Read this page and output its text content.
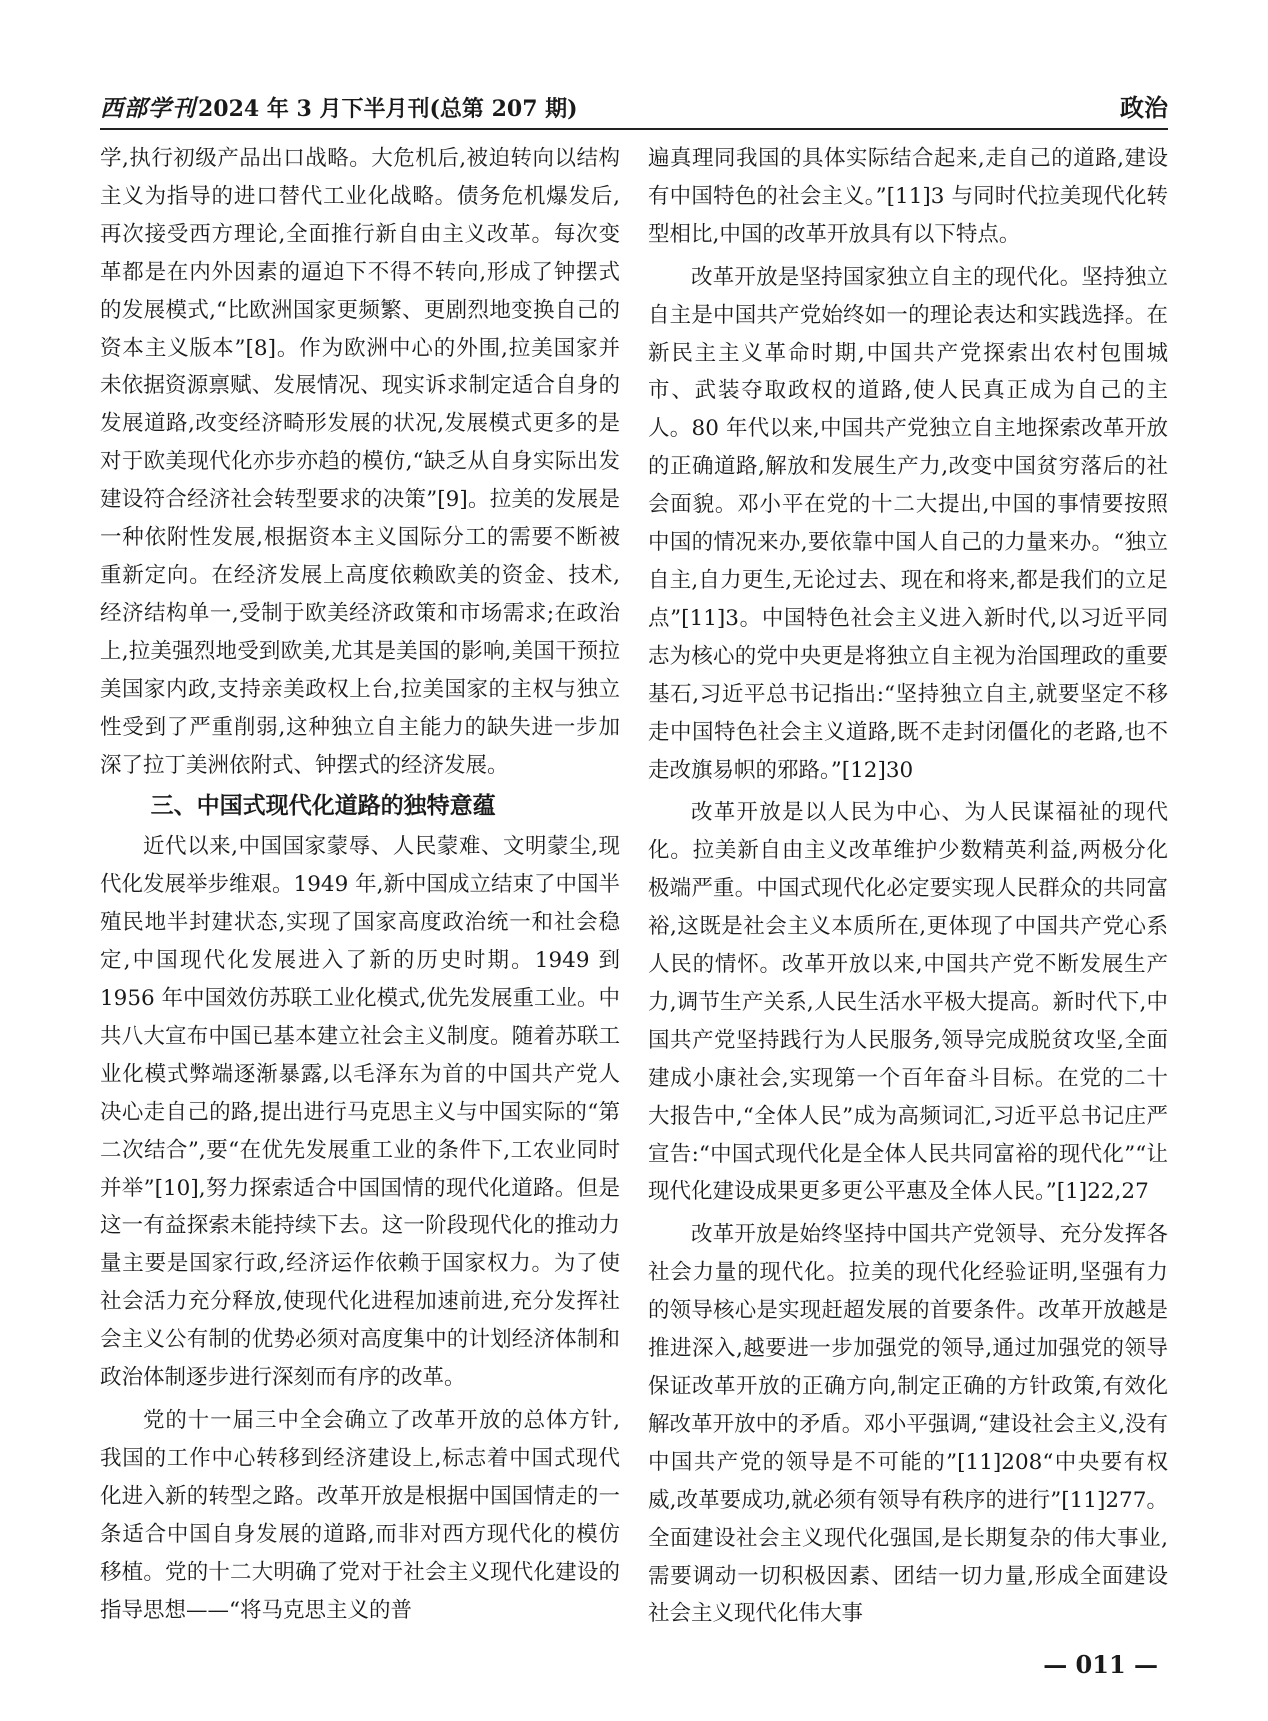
西部学刊2024 年 3 月下半月刊(总第 207 期)	政治

学,执行初级产品出口战略。大危机后,被迫转向以结构主义为指导的进口替代工业化战略。债务危机爆发后,再次接受西方理论,全面推行新自由主义改革。每次变革都是在内外因素的逼迫下不得不转向,形成了钟摆式的发展模式,“比欧洲国家更频繁、更剧烈地变换自己的资本主义版本”[8]。作为欧洲中心的外围,拉美国家并未依据资源禀赋、发展情况、现实诉求制定适合自身的发展道路,改变经济畸形发展的状况,发展模式更多的是对于欧美现代化亦步亦趋的模仿,“缺乏从自身实际出发建设符合经济社会转型要求的决策”[9]。拉美的发展是一种依附性发展,根据资本主义国际分工的需要不断被重新定向。在经济发展上高度依赖欧美的资金、技术,经济结构单一,受制于欧美经济政策和市场需求;在政治上,拉美强烈地受到欧美,尤其是美国的影响,美国干预拉美国家内政,支持亲美政权上台,拉美国家的主权与独立性受到了严重削弱,这种独立自主能力的缺失进一步加深了拉丁美洲依附式、钟摆式的经济发展。

三、中国式现代化道路的独特意蕴

近代以来,中国国家蒙辱、人民蒙难、文明蒙尘,现代化发展举步维艰。1949 年,新中国成立结束了中国半殖民地半封建状态,实现了国家高度政治统一和社会稳定,中国现代化发展进入了新的历史时期。1949 到 1956 年中国效仿苏联工业化模式,优先发展重工业。中共八大宣布中国已基本建立社会主义制度。随着苏联工业化模式弊端逐渐暴露,以毛泽东为首的中国共产党人决心走自己的路,提出进行马克思主义与中国实际的“第二次结合”,要“在优先发展重工业的条件下,工农业同时并举”[10],努力探索适合中国国情的现代化道路。但是这一有益探索未能持续下去。这一阶段现代化的推动力量主要是国家行政,经济运作依赖于国家权力。为了使社会活力充分释放,使现代化进程加速前进,充分发挥社会主义公有制的优势必须对高度集中的计划经济体制和政治体制逐步进行深刻而有序的改革。

党的十一届三中全会确立了改革开放的总体方针,我国的工作中心转移到经济建设上,标志着中国式现代化进入新的转型之路。改革开放是根据中国国情走的一条适合中国自身发展的道路,而非对西方现代化的模仿移植。党的十二大明确了党对于社会主义现代化建设的指导思想——“将马克思主义的普

遍真理同我国的具体实际结合起来,走自己的道路,建设有中国特色的社会主义。”[11]3 与同时代拉美现代化转型相比,中国的改革开放具有以下特点。

改革开放是坚持国家独立自主的现代化。坚持独立自主是中国共产党始终如一的理论表达和实践选择。在新民主主义革命时期,中国共产党探索出农村包围城市、武装夺取政权的道路,使人民真正成为自己的主人。80 年代以来,中国共产党独立自主地探索改革开放的正确道路,解放和发展生产力,改变中国贫穷落后的社会面貌。邓小平在党的十二大提出,中国的事情要按照中国的情况来办,要依靠中国人自己的力量来办。“独立自主,自力更生,无论过去、现在和将来,都是我们的立足点”[11]3。中国特色社会主义进入新时代,以习近平同志为核心的党中央更是将独立自主视为治国理政的重要基石,习近平总书记指出:“坚持独立自主,就要坚定不移走中国特色社会主义道路,既不走封闭僵化的老路,也不走改旗易帜的邪路。”[12]30

改革开放是以人民为中心、为人民谋福祉的现代化。拉美新自由主义改革维护少数精英利益,两极分化极端严重。中国式现代化必定要实现人民群众的共同富裕,这既是社会主义本质所在,更体现了中国共产党心系人民的情怀。改革开放以来,中国共产党不断发展生产力,调节生产关系,人民生活水平极大提高。新时代下,中国共产党坚持践行为人民服务,领导完成脱贫攻坚,全面建成小康社会,实现第一个百年奋斗目标。在党的二十大报告中,“全体人民”成为高频词汇,习近平总书记庄严宣告:“中国式现代化是全体人民共同富裕的现代化”“让现代化建设成果更多更公平惠及全体人民。”[1]22,27

改革开放是始终坚持中国共产党领导、充分发挥各社会力量的现代化。拉美的现代化经验证明,坚强有力的领导核心是实现赶超发展的首要条件。改革开放越是推进深入,越要进一步加强党的领导,通过加强党的领导保证改革开放的正确方向,制定正确的方针政策,有效化解改革开放中的矛盾。邓小平强调,“建设社会主义,没有中国共产党的领导是不可能的”[11]208“中央要有权威,改革要成功,就必须有领导有秩序的进行”[11]277。全面建设社会主义现代化强国,是长期复杂的伟大事业,需要调动一切积极因素、团结一切力量,形成全面建设社会主义现代化伟大事

— 011 —
